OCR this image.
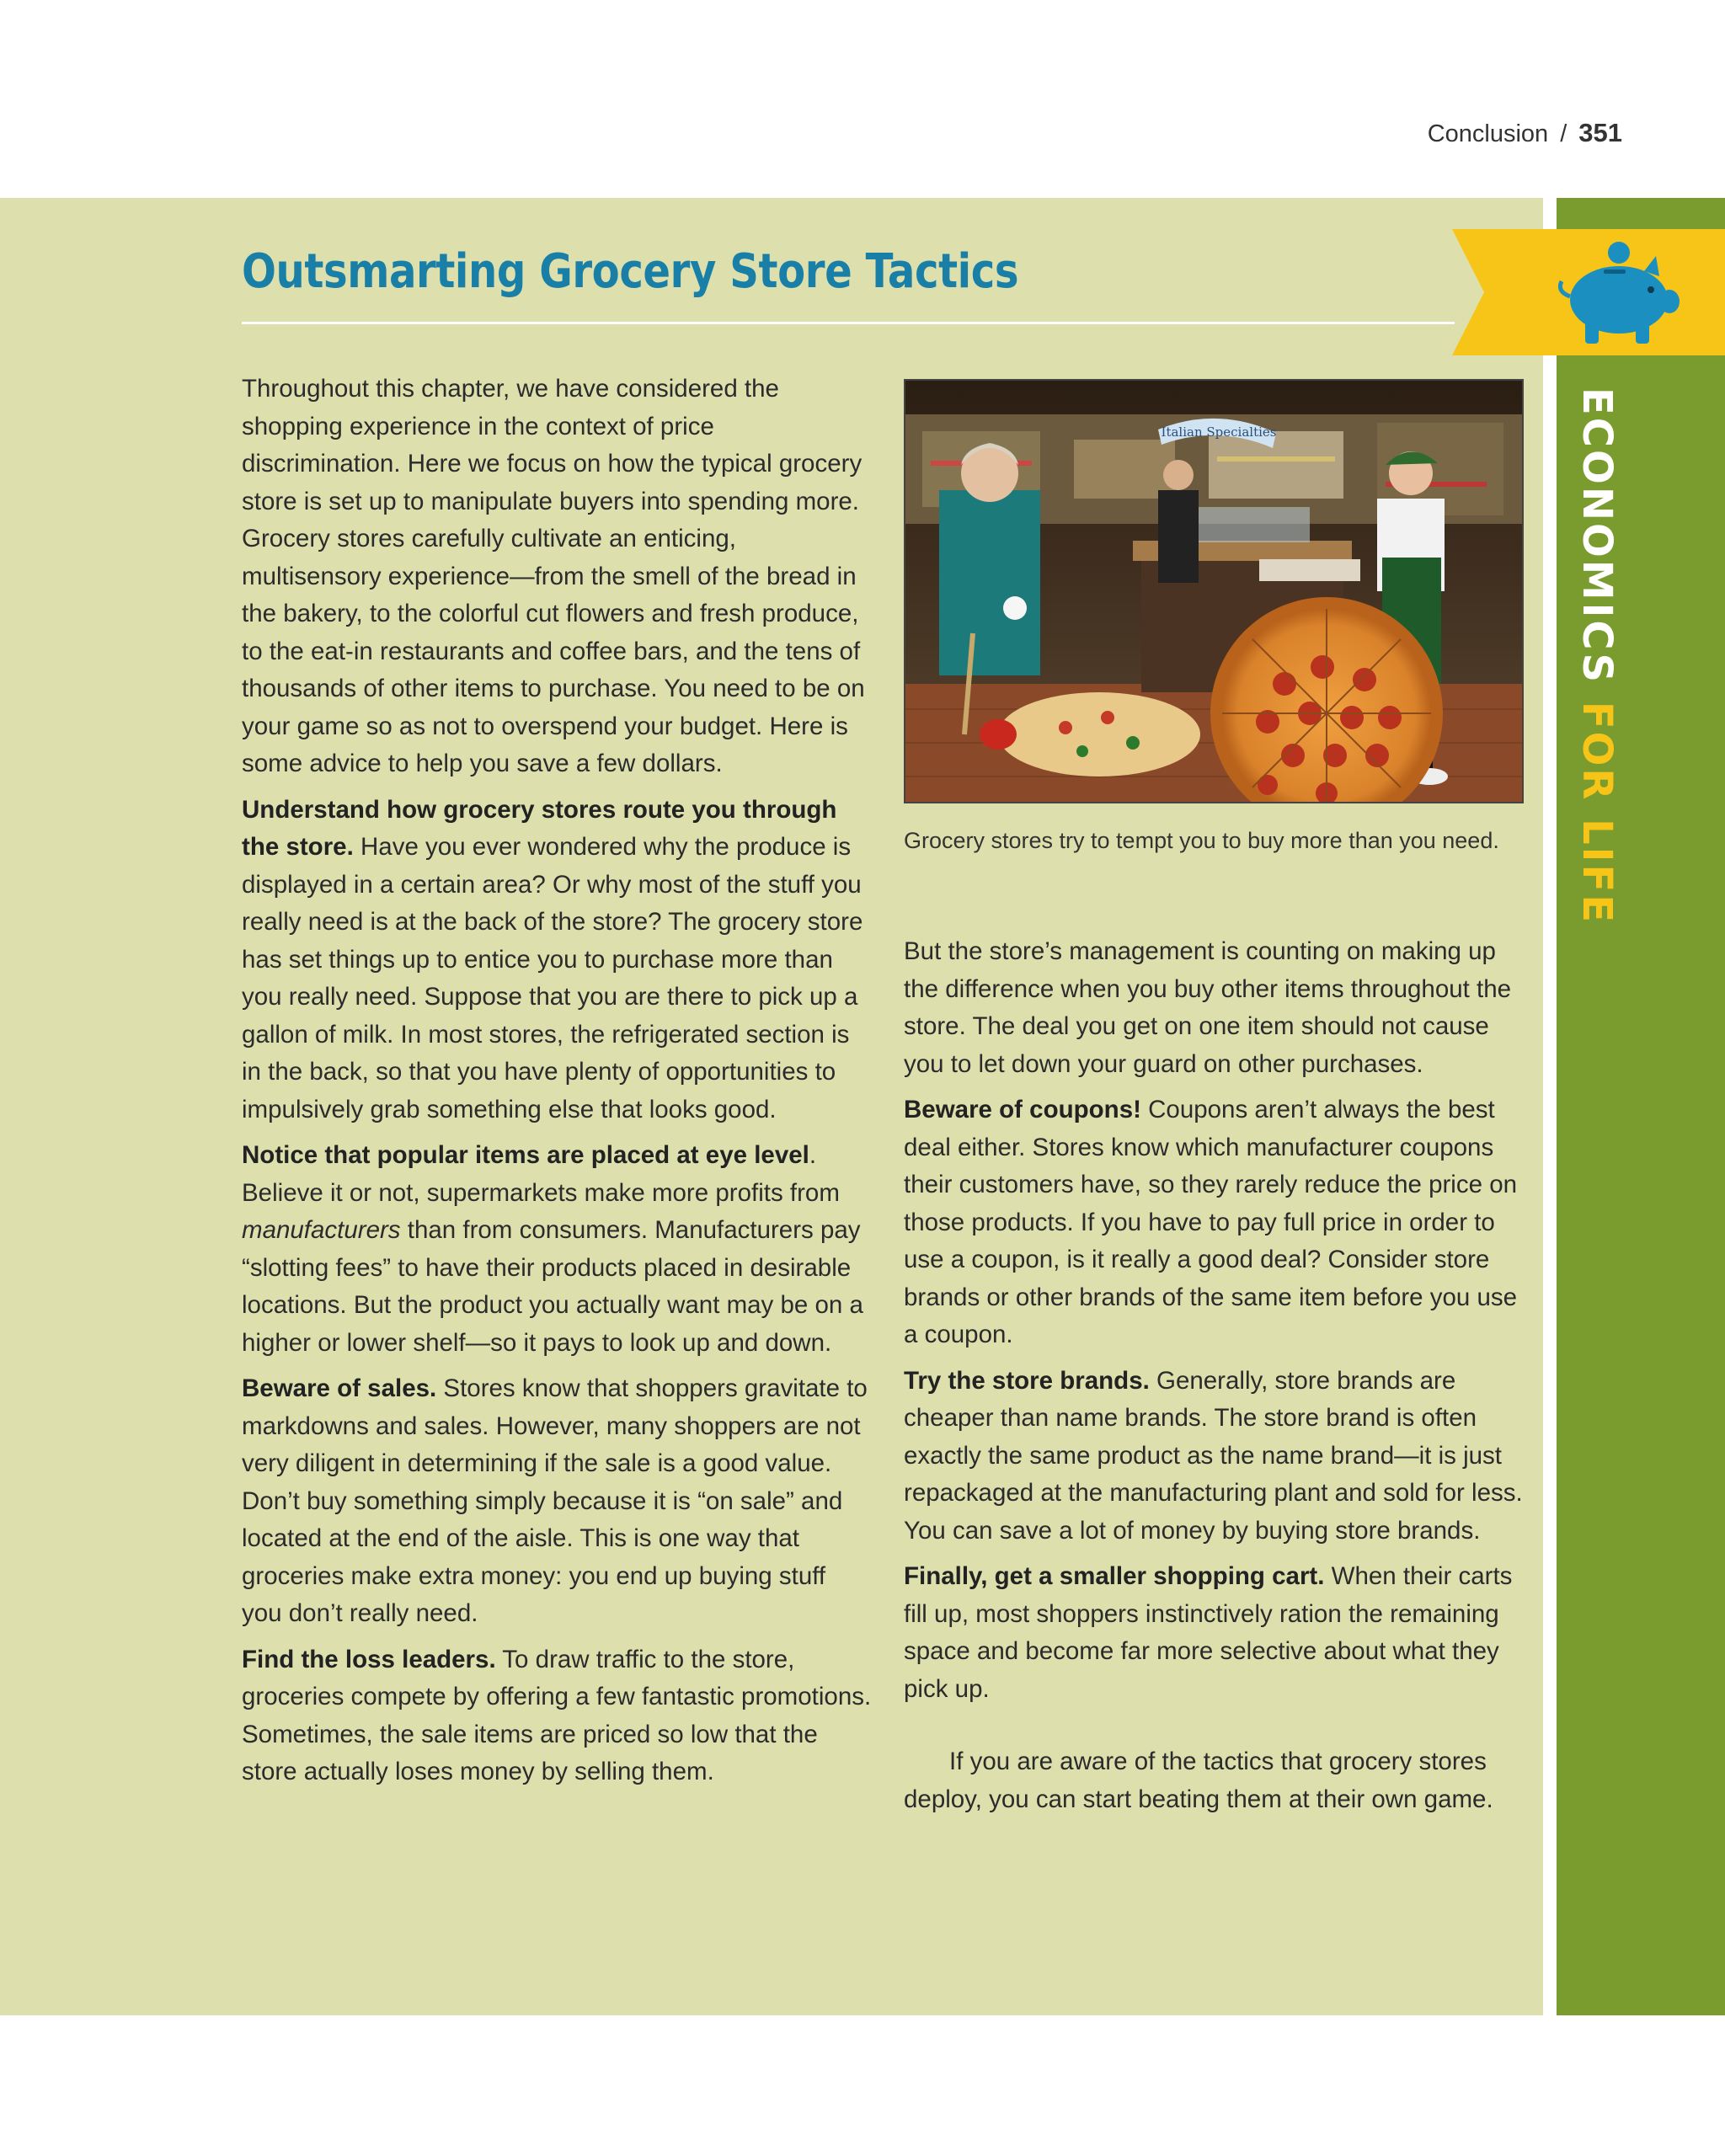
Conclusion / 351
ECONOMICS FOR LIFE
Outsmarting Grocery Store Tactics

Throughout this chapter, we have considered the shopping experience in the context of price discrimination. Here we focus on how the typical grocery store is set up to manipulate buyers into spending more. Grocery stores carefully cultivate an enticing, multisensory experience—from the smell of the bread in the bakery, to the colorful cut flowers and fresh produce, to the eat-in restaurants and coffee bars, and the tens of thousands of other items to purchase. You need to be on your game so as not to overspend your budget. Here is some advice to help you save a few dollars.

Understand how grocery stores route you through the store. Have you ever wondered why the produce is displayed in a certain area? Or why most of the stuff you really need is at the back of the store? The grocery store has set things up to entice you to purchase more than you really need. Suppose that you are there to pick up a gallon of milk. In most stores, the refrigerated section is in the back, so that you have plenty of opportunities to impulsively grab something else that looks good.

Notice that popular items are placed at eye level. Believe it or not, supermarkets make more profits from manufacturers than from consumers. Manufacturers pay “slotting fees” to have their products placed in desirable locations. But the product you actually want may be on a higher or lower shelf—so it pays to look up and down.

Beware of sales. Stores know that shoppers gravitate to markdowns and sales. However, many shoppers are not very diligent in determining if the sale is a good value. Don’t buy something simply because it is “on sale” and located at the end of the aisle. This is one way that groceries make extra money: you end up buying stuff you don’t really need.

Find the loss leaders. To draw traffic to the store, groceries compete by offering a few fantastic promotions. Sometimes, the sale items are priced so low that the store actually loses money by selling them.

Italian Specialties

Grocery stores try to tempt you to buy more than you need.

But the store’s management is counting on making up the difference when you buy other items throughout the store. The deal you get on one item should not cause you to let down your guard on other purchases.

Beware of coupons! Coupons aren’t always the best deal either. Stores know which manufacturer coupons their customers have, so they rarely reduce the price on those products. If you have to pay full price in order to use a coupon, is it really a good deal? Consider store brands or other brands of the same item before you use a coupon.

Try the store brands. Generally, store brands are cheaper than name brands. The store brand is often exactly the same product as the name brand—it is just repackaged at the manufacturing plant and sold for less. You can save a lot of money by buying store brands.

Finally, get a smaller shopping cart. When their carts fill up, most shoppers instinctively ration the remaining space and become far more selective about what they pick up.

If you are aware of the tactics that grocery stores deploy, you can start beating them at their own game.
